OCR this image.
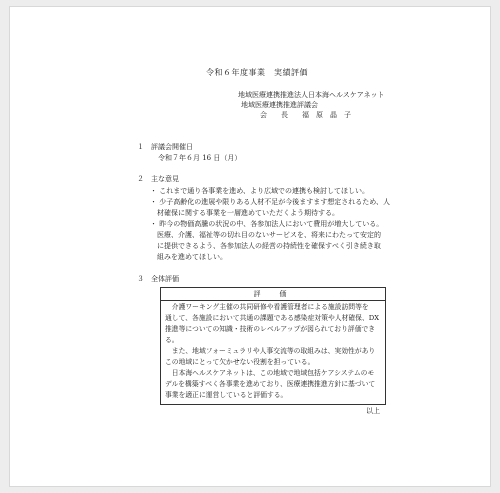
令和６年度事業　実績評価
地域医療連携推進法人日本海ヘルスケアネット
地域医療連携推進評議会
会　　長　　福　原　晶　子
１　評議会開催日
令和７年６月 16 日（月）
２　主な意見
・ これまで通り各事業を進め、より広域での連携も検討してほしい。
・ 少子高齢化の進展や限りある人材不足が今後ますます想定されるため、人
　材確保に関する事業を一層進めていただくよう期待する。
・ 昨今の物価高騰の状況の中、各参加法人において費用が増大している。
　医療、介護、福祉等の切れ目のないサービスを、将来にわたって安定的
　に提供できるよう、各参加法人の経営の持続性を確保すべく引き続き取
　組みを進めてほしい。
３　全体評価
評　価
　介護ワーキング主催の共同研修や看護管理者による施設訪問等を
通して、各施設において共通の課題である感染症対策や人材確保、DX
推進等についての知識・技術のレベルアップが図られており評価でき
る。
　また、地域フォーミュラリや人事交流等の取組みは、実効性があり
この地域にとって欠かせない役割を担っている。
　日本海ヘルスケアネットは、この地域で地域包括ケアシステムのモ
デルを構築すべく各事業を進めており、医療連携推進方針に基づいて
事業を適正に運営していると評価する。
以上
